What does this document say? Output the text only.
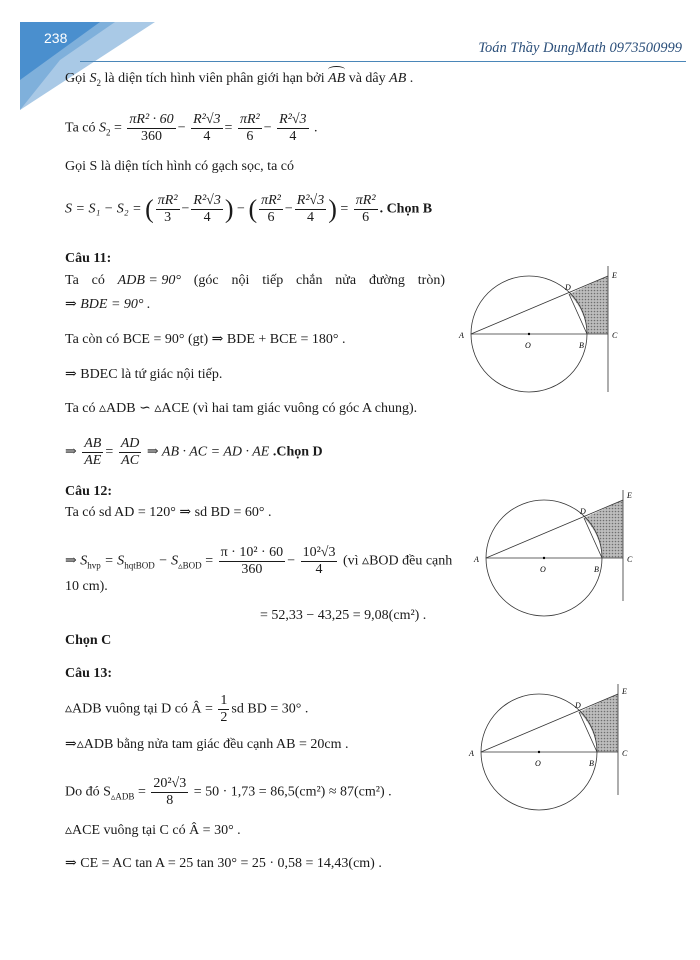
238
Toán Thầy DungMath 0973500999
Gọi $S_2$ là diện tích hình viên phân giới hạn bởi AB và dây AB .
Ta có $S_2 = \frac{\text{πR² · 60}}{360} - \frac{\text{R²√3}}{4} = \frac{\text{πR²}}{6} - \frac{\text{R²√3}}{4}$ .
Gọi S là diện tích hình có gạch sọc, ta có
S = S₁ − S₂ = ( $\frac{\text{πR²}}{3} - \frac{\text{R²√3}}{4}$ ) − ( $\frac{\text{πR²}}{6} - \frac{\text{R²√3}}{4}$ ) = $\frac{\text{πR²}}{6}$ . Chọn B
Câu 11:
Ta có ADB = 90° (góc nội tiếp chắn nửa đường tròn)
⇒ BDE = 90° .
Ta còn có BCE = 90° (gt) ⇒ BDE + BCE = 180° .
⇒ BDEC là tứ giác nội tiếp.
Ta có ▵ADB ∽ ▵ACE (vì hai tam giác vuông có góc A chung).
⇒ $\frac{AB}{AE} = \frac{AD}{AC}$ ⇒ AB · AC = AD · AE .Chọn D
Câu 12:
Ta có sd AD = 120° ⇒ sd BD = 60° .
⇒ $S_{hvp} = S_{hqtBOD} - S_{▵BOD} = \frac{\text{π · 10² · 60}}{360} - \frac{\text{10²√3}}{4}$ (vì ▵BOD đều cạnh
10 cm).
= 52,33 − 43,25 = 9,08(cm²) .
Chọn C
Câu 13:
▵ADB vuông tại D có Â = $\frac{1}{2}$ sd BD = 30° .
⇒▵ADB bằng nửa tam giác đều cạnh AB = 20cm .
Do đó $S_{▵ADB} = \frac{\text{20²√3}}{8} = 50 \cdot 1,73 = 86,5(cm^2) \approx 87(cm^2)$ .
▵ACE vuông tại C có Â = 30° .
⇒ CE = AC tan A = 25 tan 30° = 25 · 0,58 = 14,43(cm) .
A
O	B
C
D
E
A
O	B
C
D
E
A
O	B
C
D
E
